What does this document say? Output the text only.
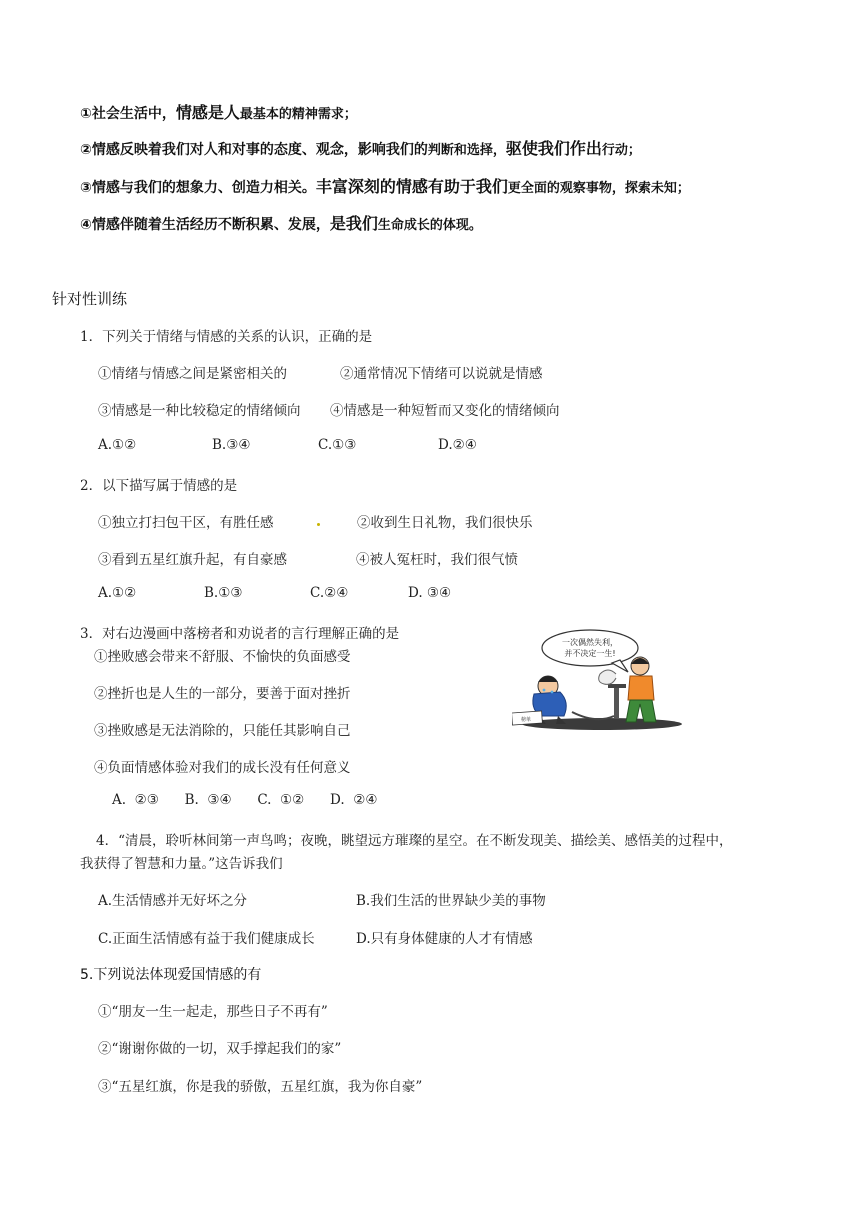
①社会生活中，情感是人最基本的精神需求；
②情感反映着我们对人和对事的态度、观念，影响我们的判断和选择，驱使我们作出行动；
③情感与我们的想象力、创造力相关。丰富深刻的情感有助于我们更全面的观察事物，探索未知；
④情感伴随着生活经历不断积累、发展，是我们生命成长的体现。
针对性训练
1．下列关于情绪与情感的关系的认识，正确的是
①情绪与情感之间是紧密相关的	②通常情况下情绪可以说就是情感
③情感是一种比较稳定的情绪倾向 ④情感是一种短暂而又变化的情绪倾向
A.①②	B.③④	C.①③	D.②④
2．以下描写属于情感的是
①独立打扫包干区，有胜任感	②收到生日礼物，我们很快乐
③看到五星红旗升起，有自豪感	④被人冤枉时，我们很气愤
A.①②	B.①③	C.②④	D. ③④
3．对右边漫画中落榜者和劝说者的言行理解正确的是
①挫败感会带来不舒服、不愉快的负面感受
②挫折也是人生的一部分，要善于面对挫折
③挫败感是无法消除的，只能任其影响自己
④负面情感体验对我们的成长没有任何意义
A.  ②③      B.  ③④      C.  ①②      D.  ②④
一次偶然失利，
并不决定一生!
榜单
4．“清晨，聆听林间第一声鸟鸣；夜晚，眺望远方璀璨的星空。在不断发现美、描绘美、感悟美的过程中，
我获得了智慧和力量。”这告诉我们
A.生活情感并无好坏之分	B.我们生活的世界缺少美的事物
C.正面生活情感有益于我们健康成长	D.只有身体健康的人才有情感
5.下列说法体现爱国情感的有
①“朋友一生一起走，那些日子不再有”
②“谢谢你做的一切，双手撑起我们的家”
③“五星红旗，你是我的骄傲，五星红旗，我为你自豪”
